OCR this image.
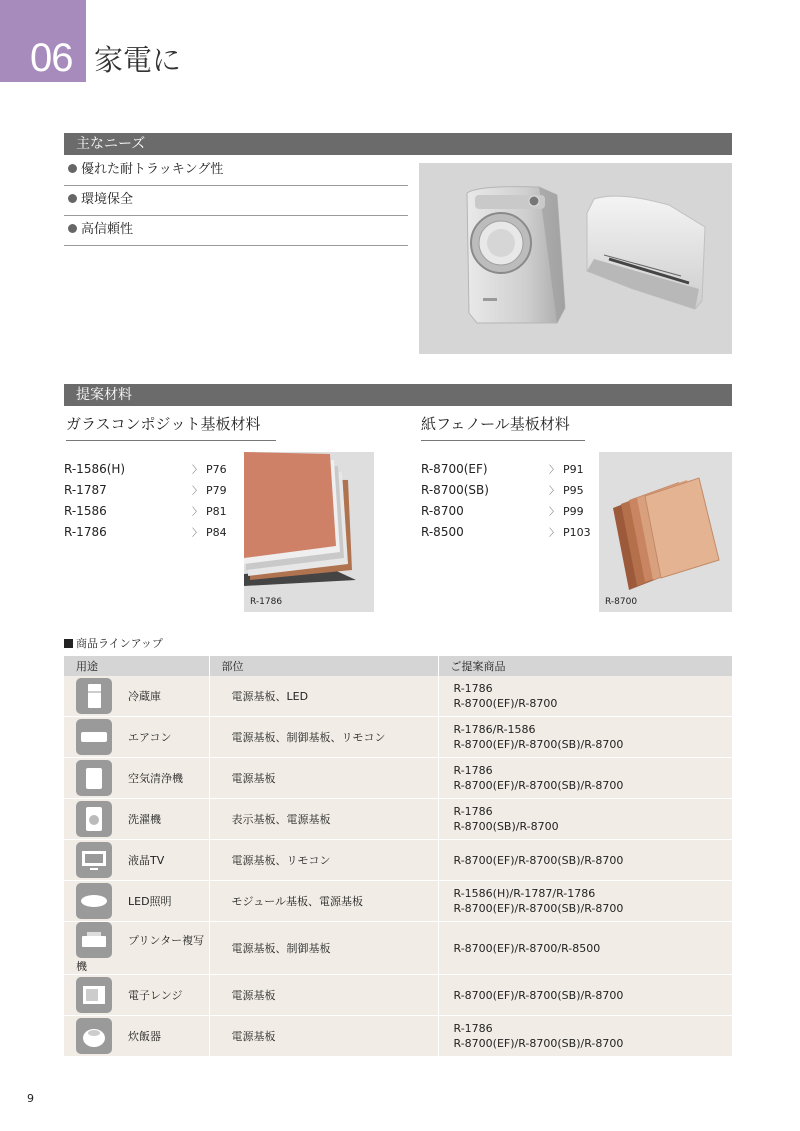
06 家電に
主なニーズ
優れた耐トラッキング性
環境保全
高信頼性
提案材料
ガラスコンポジット基板材料
R-1586(H)	〉 P76
R-1787	〉 P79
R-1586	〉 P81
R-1786	〉 P84
R-1786
紙フェノール基板材料
R-8700(EF)	〉 P91
R-8700(SB)	〉 P95
R-8700	〉 P99
R-8500	〉 P103
R-8700
商品ラインアップ
用途	部位	ご提案商品
冷蔵庫	電源基板、LED	R-1786
R-8700(EF)/R-8700

エアコン	電源基板、制御基板、リモコン	R-1786/R-1586
R-8700(EF)/R-8700(SB)/R-8700

空気清浄機	電源基板	R-1786
R-8700(EF)/R-8700(SB)/R-8700

洗濯機	表示基板、電源基板	R-1786
R-8700(SB)/R-8700

液晶TV	電源基板、リモコン	R-8700(EF)/R-8700(SB)/R-8700

LED照明	モジュール基板、電源基板	R-1586(H)/R-1787/R-1786
R-8700(EF)/R-8700(SB)/R-8700

プリンター複写機	電源基板、制御基板	R-8700(EF)/R-8700/R-8500

電子レンジ	電源基板	R-8700(EF)/R-8700(SB)/R-8700

炊飯器	電源基板	R-1786
R-8700(EF)/R-8700(SB)/R-8700
9
